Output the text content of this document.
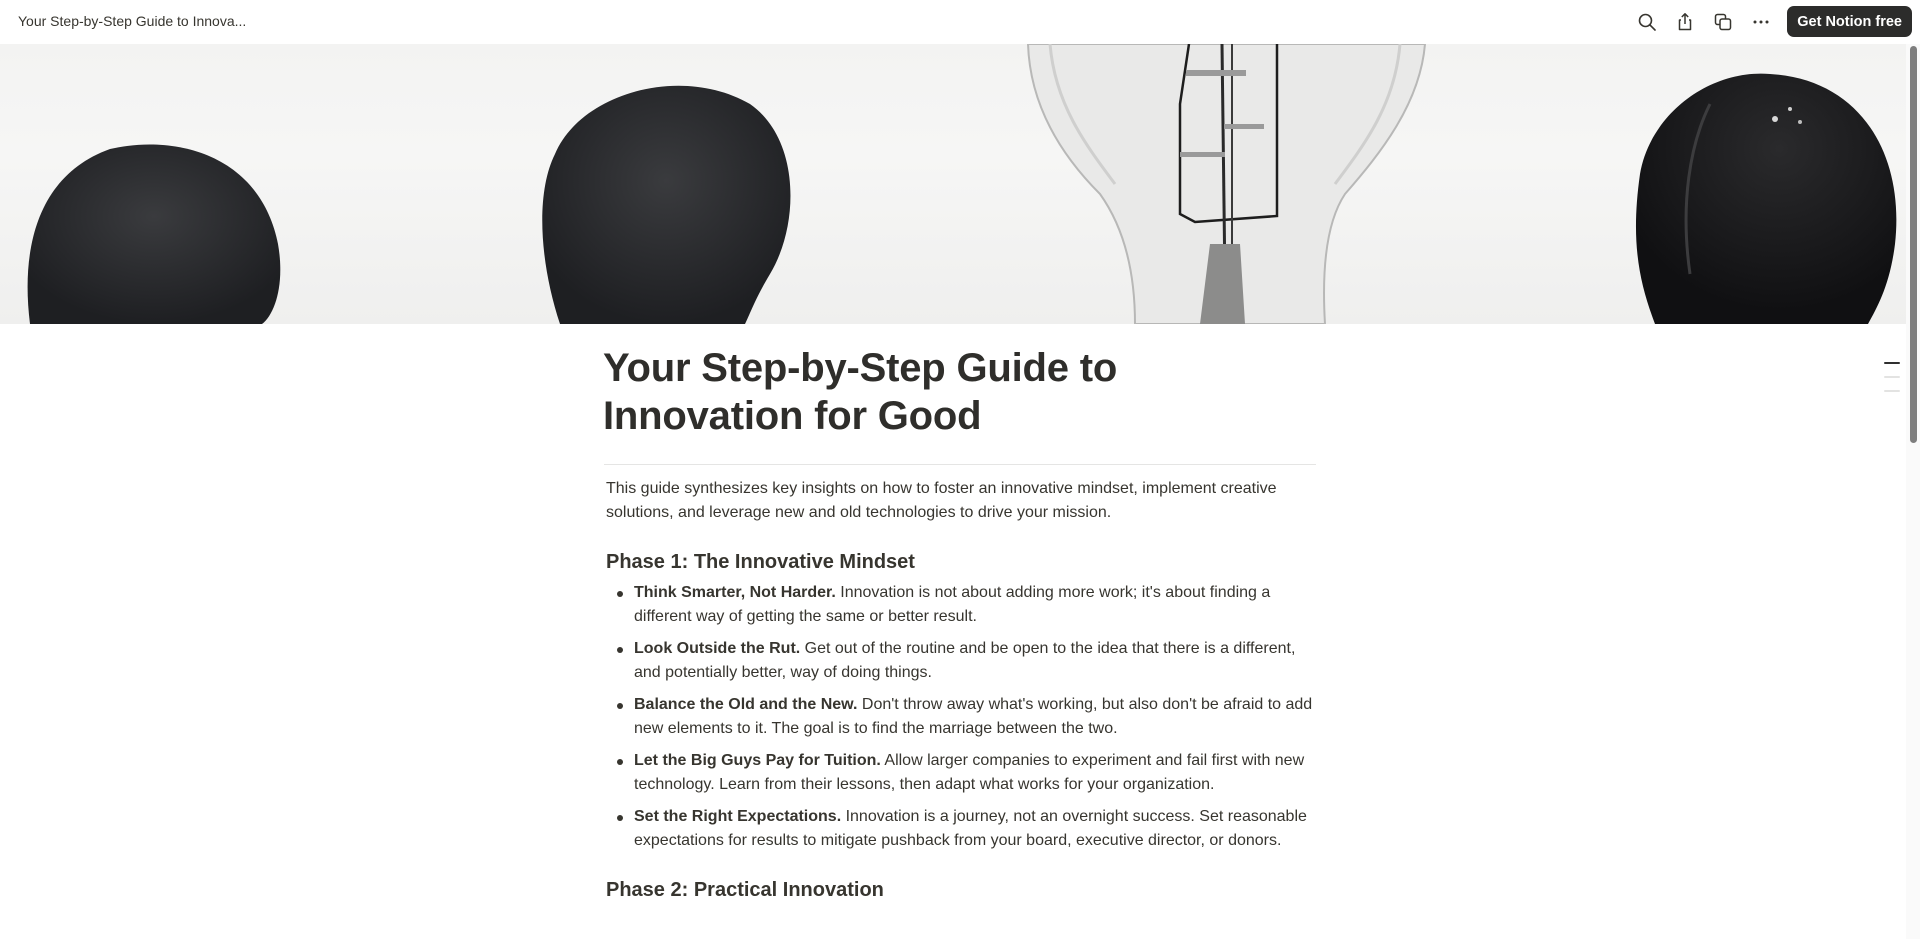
Your Step-by-Step Guide to Innova...	Get Notion free
Your Step-by-Step Guide to Innovation for Good

This guide synthesizes key insights on how to foster an innovative mindset, implement creative solutions, and leverage new and old technologies to drive your mission.

Phase 1: The Innovative Mindset
Think Smarter, Not Harder. Innovation is not about adding more work; it's about finding a different way of getting the same or better result.
Look Outside the Rut. Get out of the routine and be open to the idea that there is a different, and potentially better, way of doing things.
Balance the Old and the New. Don't throw away what's working, but also don't be afraid to add new elements to it. The goal is to find the marriage between the two.
Let the Big Guys Pay for Tuition. Allow larger companies to experiment and fail first with new technology. Learn from their lessons, then adapt what works for your organization.
Set the Right Expectations. Innovation is a journey, not an overnight success. Set reasonable expectations for results to mitigate pushback from your board, executive director, or donors.
Phase 2: Practical Innovation
